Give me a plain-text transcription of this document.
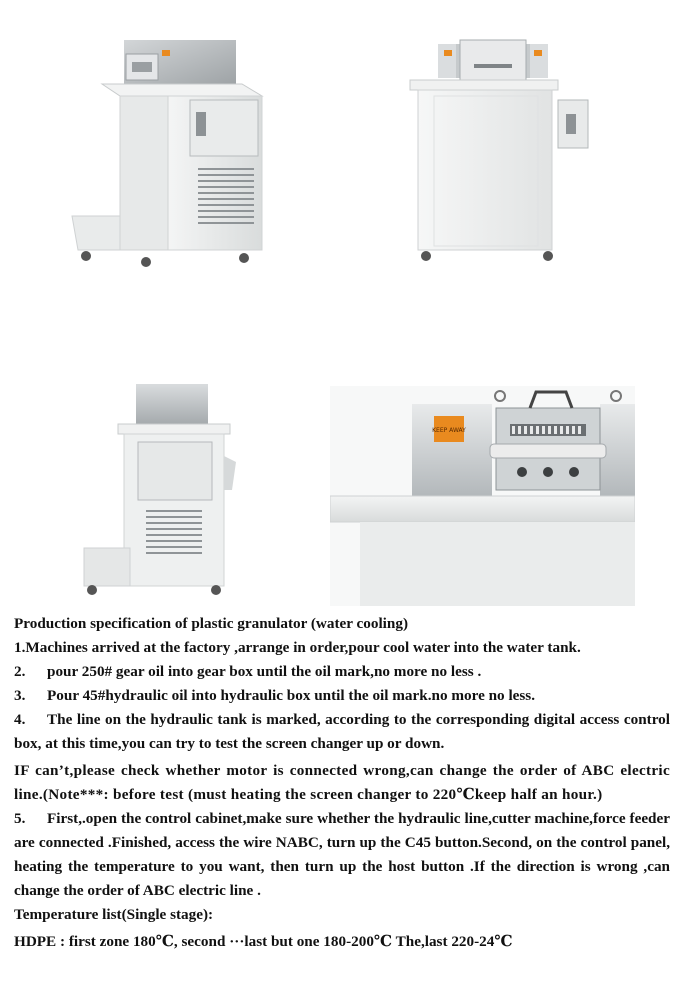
KEEP AWAY

Production specification of plastic granulator (water cooling)

1.Machines arrived at the factory ,arrange in order,pour cool water into the water tank.

2. pour 250# gear oil into gear box until the oil mark,no more no less .

3. Pour 45#hydraulic oil into hydraulic box until the oil mark.no more no less.

4. The line on the hydraulic tank is marked, according to the corresponding digital access control box, at this time,you can try to test the screen changer up or down.

IF can’t,please check whether motor is connected wrong,can change the order of ABC electric line.(Note***: before test (must heating the screen changer to 220℃keep half an hour.)

5. First,.open the control cabinet,make sure whether the hydraulic line,cutter machine,force feeder are connected .Finished, access the wire NABC, turn up the C45 button.Second, on the control panel, heating the temperature to you want, then turn up the host button .If the direction is wrong ,can change the order of ABC electric line .

Temperature list(Single stage):

HDPE : first zone 180℃, second ···last but one 180-200℃ The,last 220-24℃
